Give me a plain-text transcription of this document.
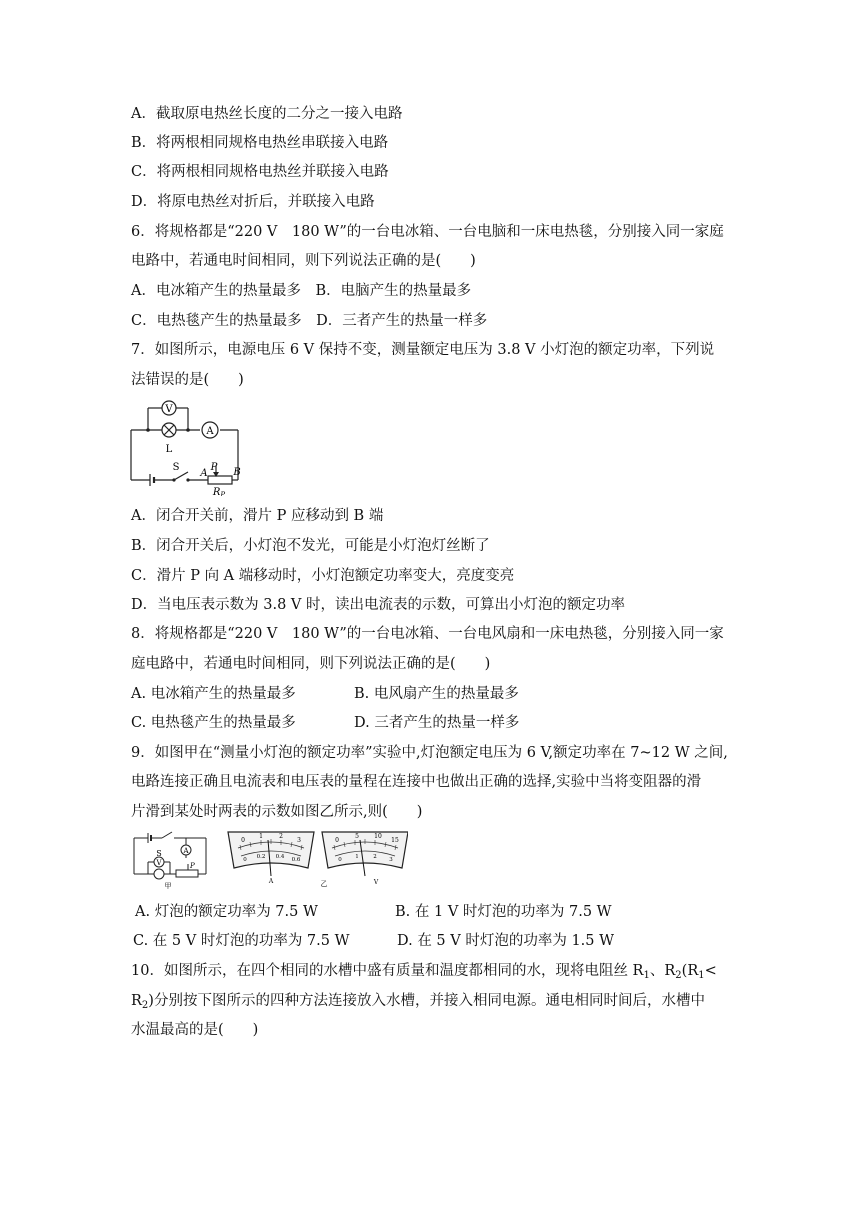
A．截取原电热丝长度的二分之一接入电路
B．将两根相同规格电热丝串联接入电路
C．将两根相同规格电热丝并联接入电路
D．将原电热丝对折后，并联接入电路
6．将规格都是“220 V　180 W”的一台电冰箱、一台电脑和一床电热毯，分别接入同一家庭
电路中，若通电时间相同，则下列说法正确的是(　　)
A．电冰箱产生的热量最多　B．电脑产生的热量最多
C．电热毯产生的热量最多　D．三者产生的热量一样多
7．如图所示，电源电压 6 V 保持不变，测量额定电压为 3.8 V 小灯泡的额定功率，下列说
法错误的是(　　)
V
A
L
S
A
P B
$R_P$
A．闭合开关前，滑片 P 应移动到 B 端
B．闭合开关后，小灯泡不发光，可能是小灯泡灯丝断了
C．滑片 P 向 A 端移动时，小灯泡额定功率变大，亮度变亮
D．当电压表示数为 3.8 V 时，读出电流表的示数，可算出小灯泡的额定功率
8．将规格都是“220 V　180 W”的一台电冰箱、一台电风扇和一床电热毯，分别接入同一家
庭电路中，若通电时间相同，则下列说法正确的是(　　)
A. 电冰箱产生的热量最多	B. 电风扇产生的热量最多
C. 电热毯产生的热量最多	D. 三者产生的热量一样多
9．如图甲在“测量小灯泡的额定功率”实验中,灯泡额定电压为 6 V,额定功率在 7~12 W 之间,
电路连接正确且电流表和电压表的量程在连接中也做出正确的选择,实验中当将变阻器的滑
片滑到某处时两表的示数如图乙所示,则(　　)
S	A
V	P
甲
0
1	2
3
0 0.2 0.4 0.6
A	乙
0
5	10
15
0 1	2 3
V
A. 灯泡的额定功率为 7.5 W	B. 在 1 V 时灯泡的功率为 7.5 W
C. 在 5 V 时灯泡的功率为 7.5 W	D. 在 5 V 时灯泡的功率为 1.5 W
10．如图所示，在四个相同的水槽中盛有质量和温度都相同的水，现将电阻丝 $R_1$、$R_2(R_1<$
$R_2$)分别按下图所示的四种方法连接放入水槽，并接入相同电源。通电相同时间后，水槽中
水温最高的是(　　)
